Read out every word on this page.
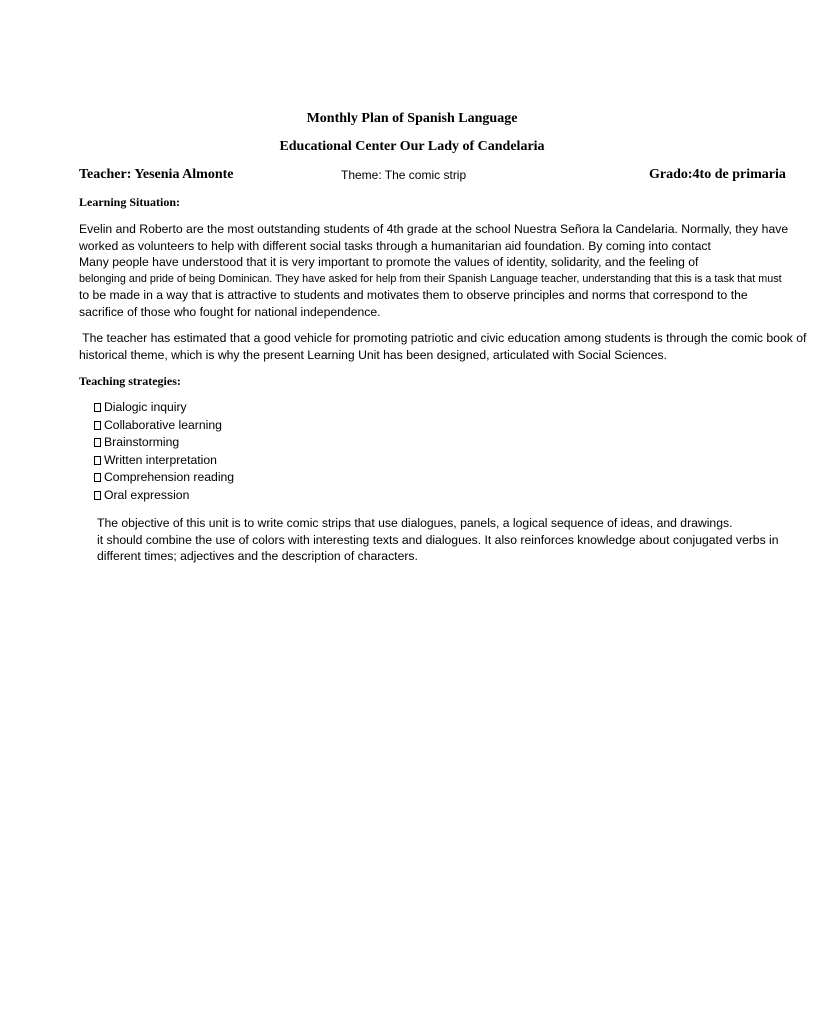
Monthly Plan of Spanish Language
Educational Center Our Lady of Candelaria
Teacher: Yesenia Almonte	Theme: The comic strip	Grado:4to de primaria
Learning Situation:
Evelin and Roberto are the most outstanding students of 4th grade at the school Nuestra Señora la Candelaria. Normally, they have
worked as volunteers to help with different social tasks through a humanitarian aid foundation. By coming into contact
Many people have understood that it is very important to promote the values of identity, solidarity, and the feeling of
belonging and pride of being Dominican. They have asked for help from their Spanish Language teacher, understanding that this is a task that must
to be made in a way that is attractive to students and motivates them to observe principles and norms that correspond to the
sacrifice of those who fought for national independence.
The teacher has estimated that a good vehicle for promoting patriotic and civic education among students is through the comic book of
historical theme, which is why the present Learning Unit has been designed, articulated with Social Sciences.
Teaching strategies:
Dialogic inquiry
Collaborative learning
Brainstorming
Written interpretation
Comprehension reading
Oral expression
The objective of this unit is to write comic strips that use dialogues, panels, a logical sequence of ideas, and drawings.
it should combine the use of colors with interesting texts and dialogues. It also reinforces knowledge about conjugated verbs in
different times; adjectives and the description of characters.
